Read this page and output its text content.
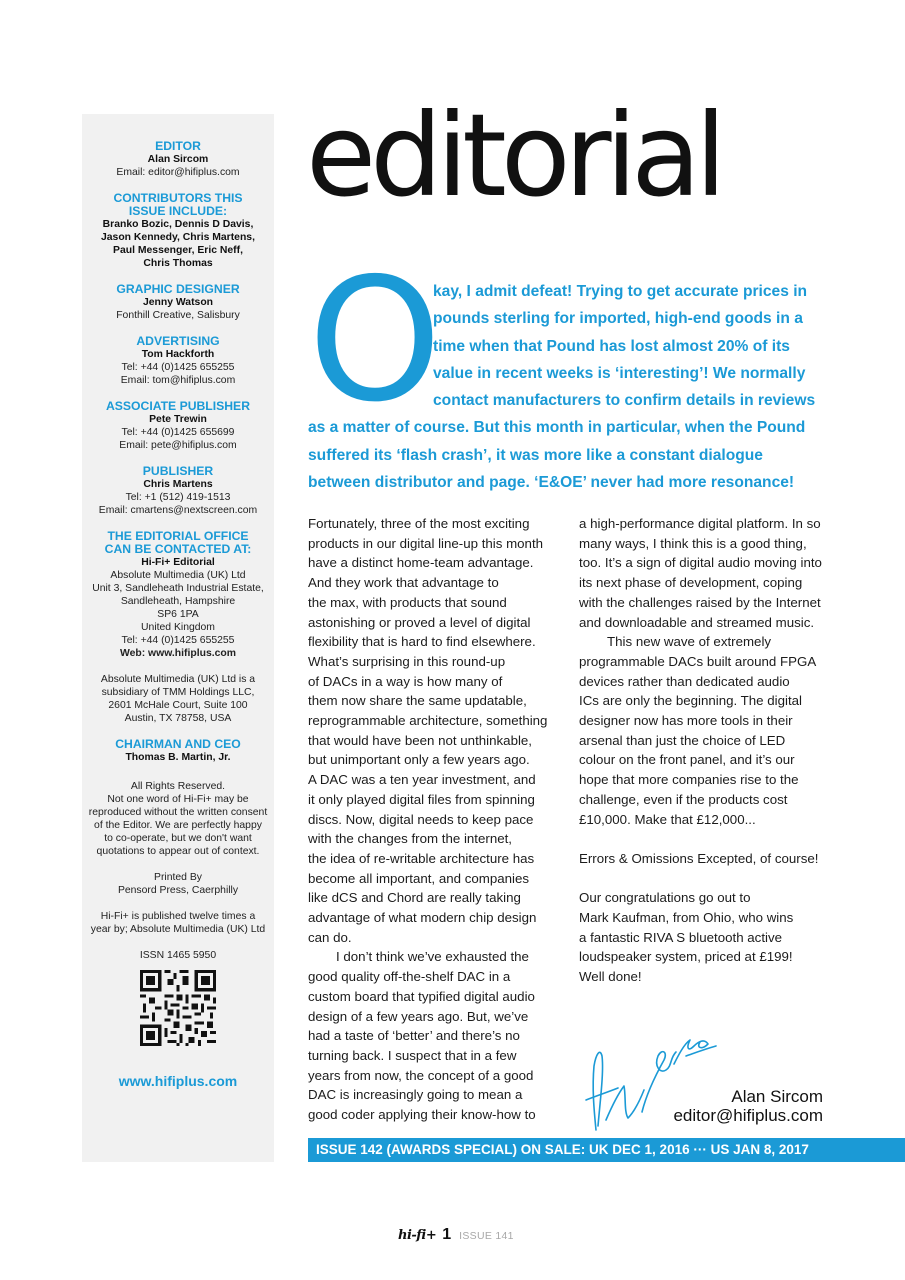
EDITOR
Alan Sircom
Email: editor@hifiplus.com
CONTRIBUTORS THIS
ISSUE INCLUDE:
Branko Bozic, Dennis D Davis,
Jason Kennedy, Chris Martens,
Paul Messenger, Eric Neff,
Chris Thomas
GRAPHIC DESIGNER
Jenny Watson
Fonthill Creative, Salisbury
ADVERTISING
Tom Hackforth
Tel: +44 (0)1425 655255
Email: tom@hifiplus.com
ASSOCIATE PUBLISHER
Pete Trewin
Tel: +44 (0)1425 655699
Email: pete@hifiplus.com
PUBLISHER
Chris Martens
Tel: +1 (512) 419-1513
Email: cmartens@nextscreen.com
THE EDITORIAL OFFICE
CAN BE CONTACTED AT:
Hi-Fi+ Editorial
Absolute Multimedia (UK) Ltd
Unit 3, Sandleheath Industrial Estate,
Sandleheath, Hampshire
SP6 1PA
United Kingdom
Tel: +44 (0)1425 655255
Web: www.hifiplus.com
Absolute Multimedia (UK) Ltd is a
subsidiary of TMM Holdings LLC,
2601 McHale Court, Suite 100
Austin, TX 78758, USA
CHAIRMAN AND CEO
Thomas B. Martin, Jr.
All Rights Reserved.
Not one word of Hi-Fi+ may be
reproduced without the written consent
of the Editor. We are perfectly happy
to co-operate, but we don't want
quotations to appear out of context.
Printed By
Pensord Press, Caerphilly
Hi-Fi+ is published twelve times a
year by; Absolute Multimedia (UK) Ltd
ISSN 1465 5950
www.hifiplus.com
editorial
O
kay, I admit defeat! Trying to get accurate prices in
pounds sterling for imported, high-end goods in a
time when that Pound has lost almost 20% of its
value in recent weeks is ‘interesting’! We normally
contact manufacturers to confirm details in reviews
as a matter of course. But this month in particular, when the Pound
suffered its ‘flash crash’, it was more like a constant dialogue
between distributor and page. ‘E&OE’ never had more resonance!
Fortunately, three of the most exciting
products in our digital line-up this month
have a distinct home-team advantage.
And they work that advantage to
the max, with products that sound
astonishing or proved a level of digital
flexibility that is hard to find elsewhere.
What’s surprising in this round-up
of DACs in a way is how many of
them now share the same updatable,
reprogrammable architecture, something
that would have been not unthinkable,
but unimportant only a few years ago.
A DAC was a ten year investment, and
it only played digital files from spinning
discs. Now, digital needs to keep pace
with the changes from the internet,
the idea of re-writable architecture has
become all important, and companies
like dCS and Chord are really taking
advantage of what modern chip design
can do.
I don’t think we’ve exhausted the
good quality off-the-shelf DAC in a
custom board that typified digital audio
design of a few years ago. But, we’ve
had a taste of ‘better’ and there’s no
turning back. I suspect that in a few
years from now, the concept of a good
DAC is increasingly going to mean a
good coder applying their know-how to
a high-performance digital platform. In so
many ways, I think this is a good thing,
too. It’s a sign of digital audio moving into
its next phase of development, coping
with the challenges raised by the Internet
and downloadable and streamed music.
This new wave of extremely
programmable DACs built around FPGA
devices rather than dedicated audio
ICs are only the beginning. The digital
designer now has more tools in their
arsenal than just the choice of LED
colour on the front panel, and it’s our
hope that more companies rise to the
challenge, even if the products cost
£10,000. Make that £12,000...
Errors & Omissions Excepted, of course!
Our congratulations go out to
Mark Kaufman, from Ohio, who wins
a fantastic RIVA S bluetooth active
loudspeaker system, priced at £199!
Well done!
Alan Sircom
editor@hifiplus.com
ISSUE 142 (AWARDS SPECIAL) ON SALE: UK DEC 1, 2016 ··· US JAN 8, 2017
hi-fi+ 1 ISSUE 141
